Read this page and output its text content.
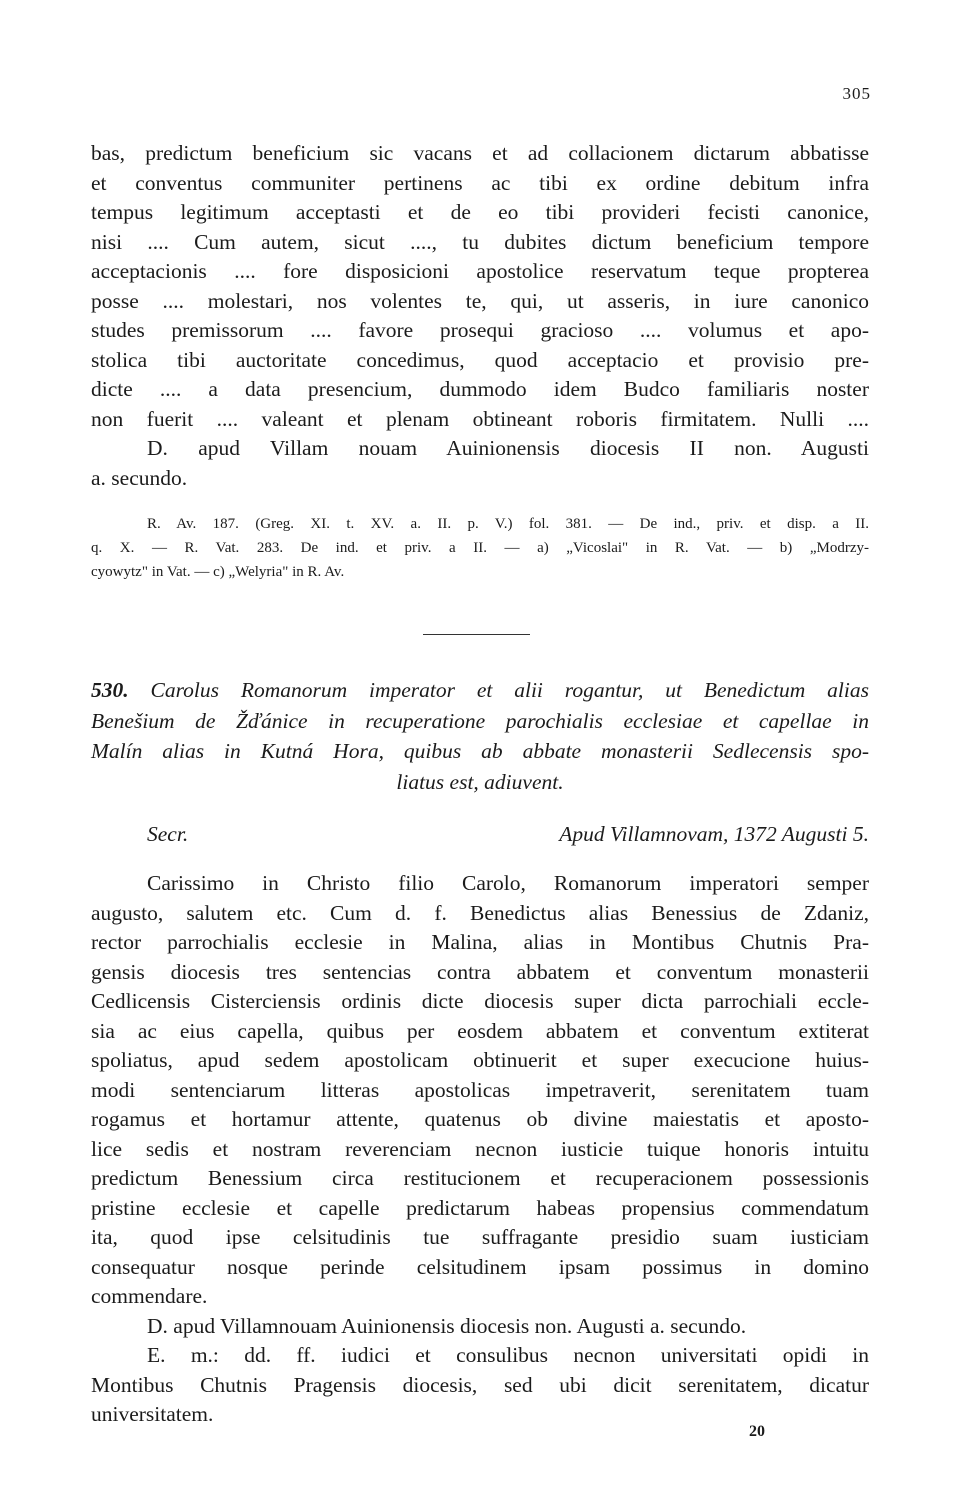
305

bas, predictum beneficium sic vacans et ad collacionem dictarum abbatisse

et conventus communiter pertinens ac tibi ex ordine debitum infra

tempus legitimum acceptasti et de eo tibi provideri fecisti canonice,

nisi .... Cum autem, sicut ...., tu dubites dictum beneficium tempore

acceptacionis .... fore disposicioni apostolice reservatum teque propterea

posse .... molestari, nos volentes te, qui, ut asseris, in iure canonico

studes premissorum .... favore prosequi gracioso .... volumus et apo-

stolica tibi auctoritate concedimus, quod acceptacio et provisio pre-

dicte .... a data presencium, dummodo idem Budco familiaris noster

non fuerit .... valeant et plenam obtineant roboris firmitatem. Nulli ....

D. apud Villam nouam Auinionensis diocesis II non. Augusti

a. secundo.

R. Av. 187. (Greg. XI. t. XV. a. II. p. V.) fol. 381. — De ind., priv. et disp. a II.

q. X. — R. Vat. 283. De ind. et priv. a II. — a) „Vicoslai" in R. Vat. — b) „Modrzy-

cyowytz" in Vat. — c) „Welyria" in R. Av.

530. Carolus Romanorum imperator et alii rogantur, ut Benedictum alias

Benešium de Žďánice in recuperatione parochialis ecclesiae et capellae in

Malín alias in Kutná Hora, quibus ab abbate monasterii Sedlecensis spo-

liatus est, adiuvent.

Secr.	Apud Villamnovam, 1372 Augusti 5.

Carissimo in Christo filio Carolo, Romanorum imperatori semper

augusto, salutem etc. Cum d. f. Benedictus alias Benessius de Zdaniz,

rector parrochialis ecclesie in Malina, alias in Montibus Chutnis Pra-

gensis diocesis tres sentencias contra abbatem et conventum monasterii

Cedlicensis Cisterciensis ordinis dicte diocesis super dicta parrochiali eccle-

sia ac eius capella, quibus per eosdem abbatem et conventum extiterat

spoliatus, apud sedem apostolicam obtinuerit et super execucione huius-

modi sentenciarum litteras apostolicas impetraverit, serenitatem tuam

rogamus et hortamur attente, quatenus ob divine maiestatis et aposto-

lice sedis et nostram reverenciam necnon iusticie tuique honoris intuitu

predictum Benessium circa restitucionem et recuperacionem possessionis

pristine ecclesie et capelle predictarum habeas propensius commendatum

ita, quod ipse celsitudinis tue suffragante presidio suam iusticiam

consequatur nosque perinde celsitudinem ipsam possimus in domino

commendare.

D. apud Villamnouam Auinionensis diocesis non. Augusti a. secundo.

E. m.: dd. ff. iudici et consulibus necnon universitati opidi in

Montibus Chutnis Pragensis diocesis, sed ubi dicit serenitatem, dicatur

universitatem.

20
